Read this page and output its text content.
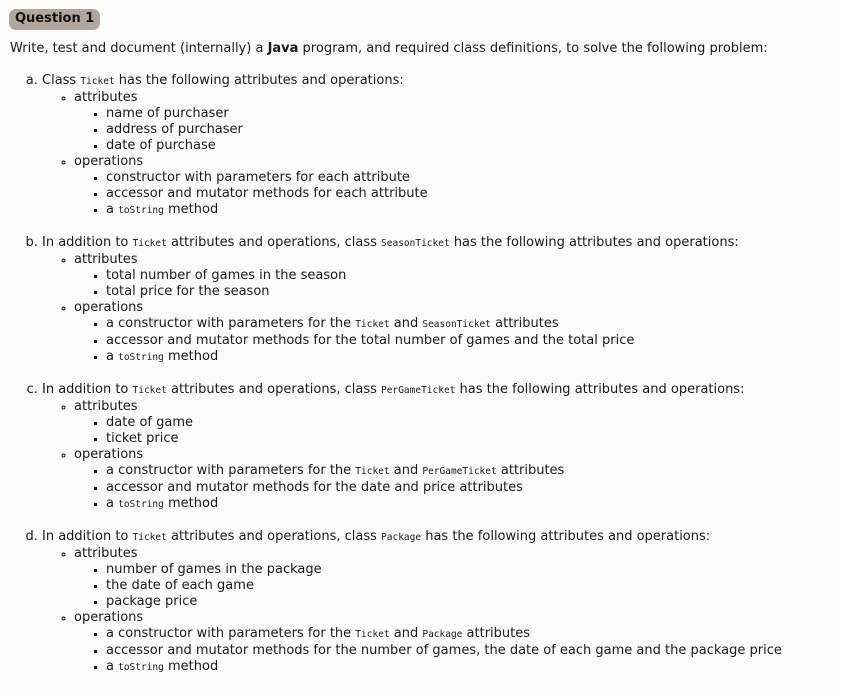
Question 1
Write, test and document (internally) a Java program, and required class definitions, to solve the following problem:
a. Class Ticket has the following attributes and operations:
◦ attributes
▪ name of purchaser
▪ address of purchaser
▪ date of purchase
◦ operations
▪ constructor with parameters for each attribute
▪ accessor and mutator methods for each attribute
▪ a toString method
b. In addition to Ticket attributes and operations, class SeasonTicket has the following attributes and operations:
◦ attributes
▪ total number of games in the season
▪ total price for the season
◦ operations
▪ a constructor with parameters for the Ticket and SeasonTicket attributes
▪ accessor and mutator methods for the total number of games and the total price
▪ a toString method
c. In addition to Ticket attributes and operations, class PerGameTicket has the following attributes and operations:
◦ attributes
▪ date of game
▪ ticket price
◦ operations
▪ a constructor with parameters for the Ticket and PerGameTicket attributes
▪ accessor and mutator methods for the date and price attributes
▪ a toString method
d. In addition to Ticket attributes and operations, class Package has the following attributes and operations:
◦ attributes
▪ number of games in the package
▪ the date of each game
▪ package price
◦ operations
▪ a constructor with parameters for the Ticket and Package attributes
▪ accessor and mutator methods for the number of games, the date of each game and the package price
▪ a toString method
